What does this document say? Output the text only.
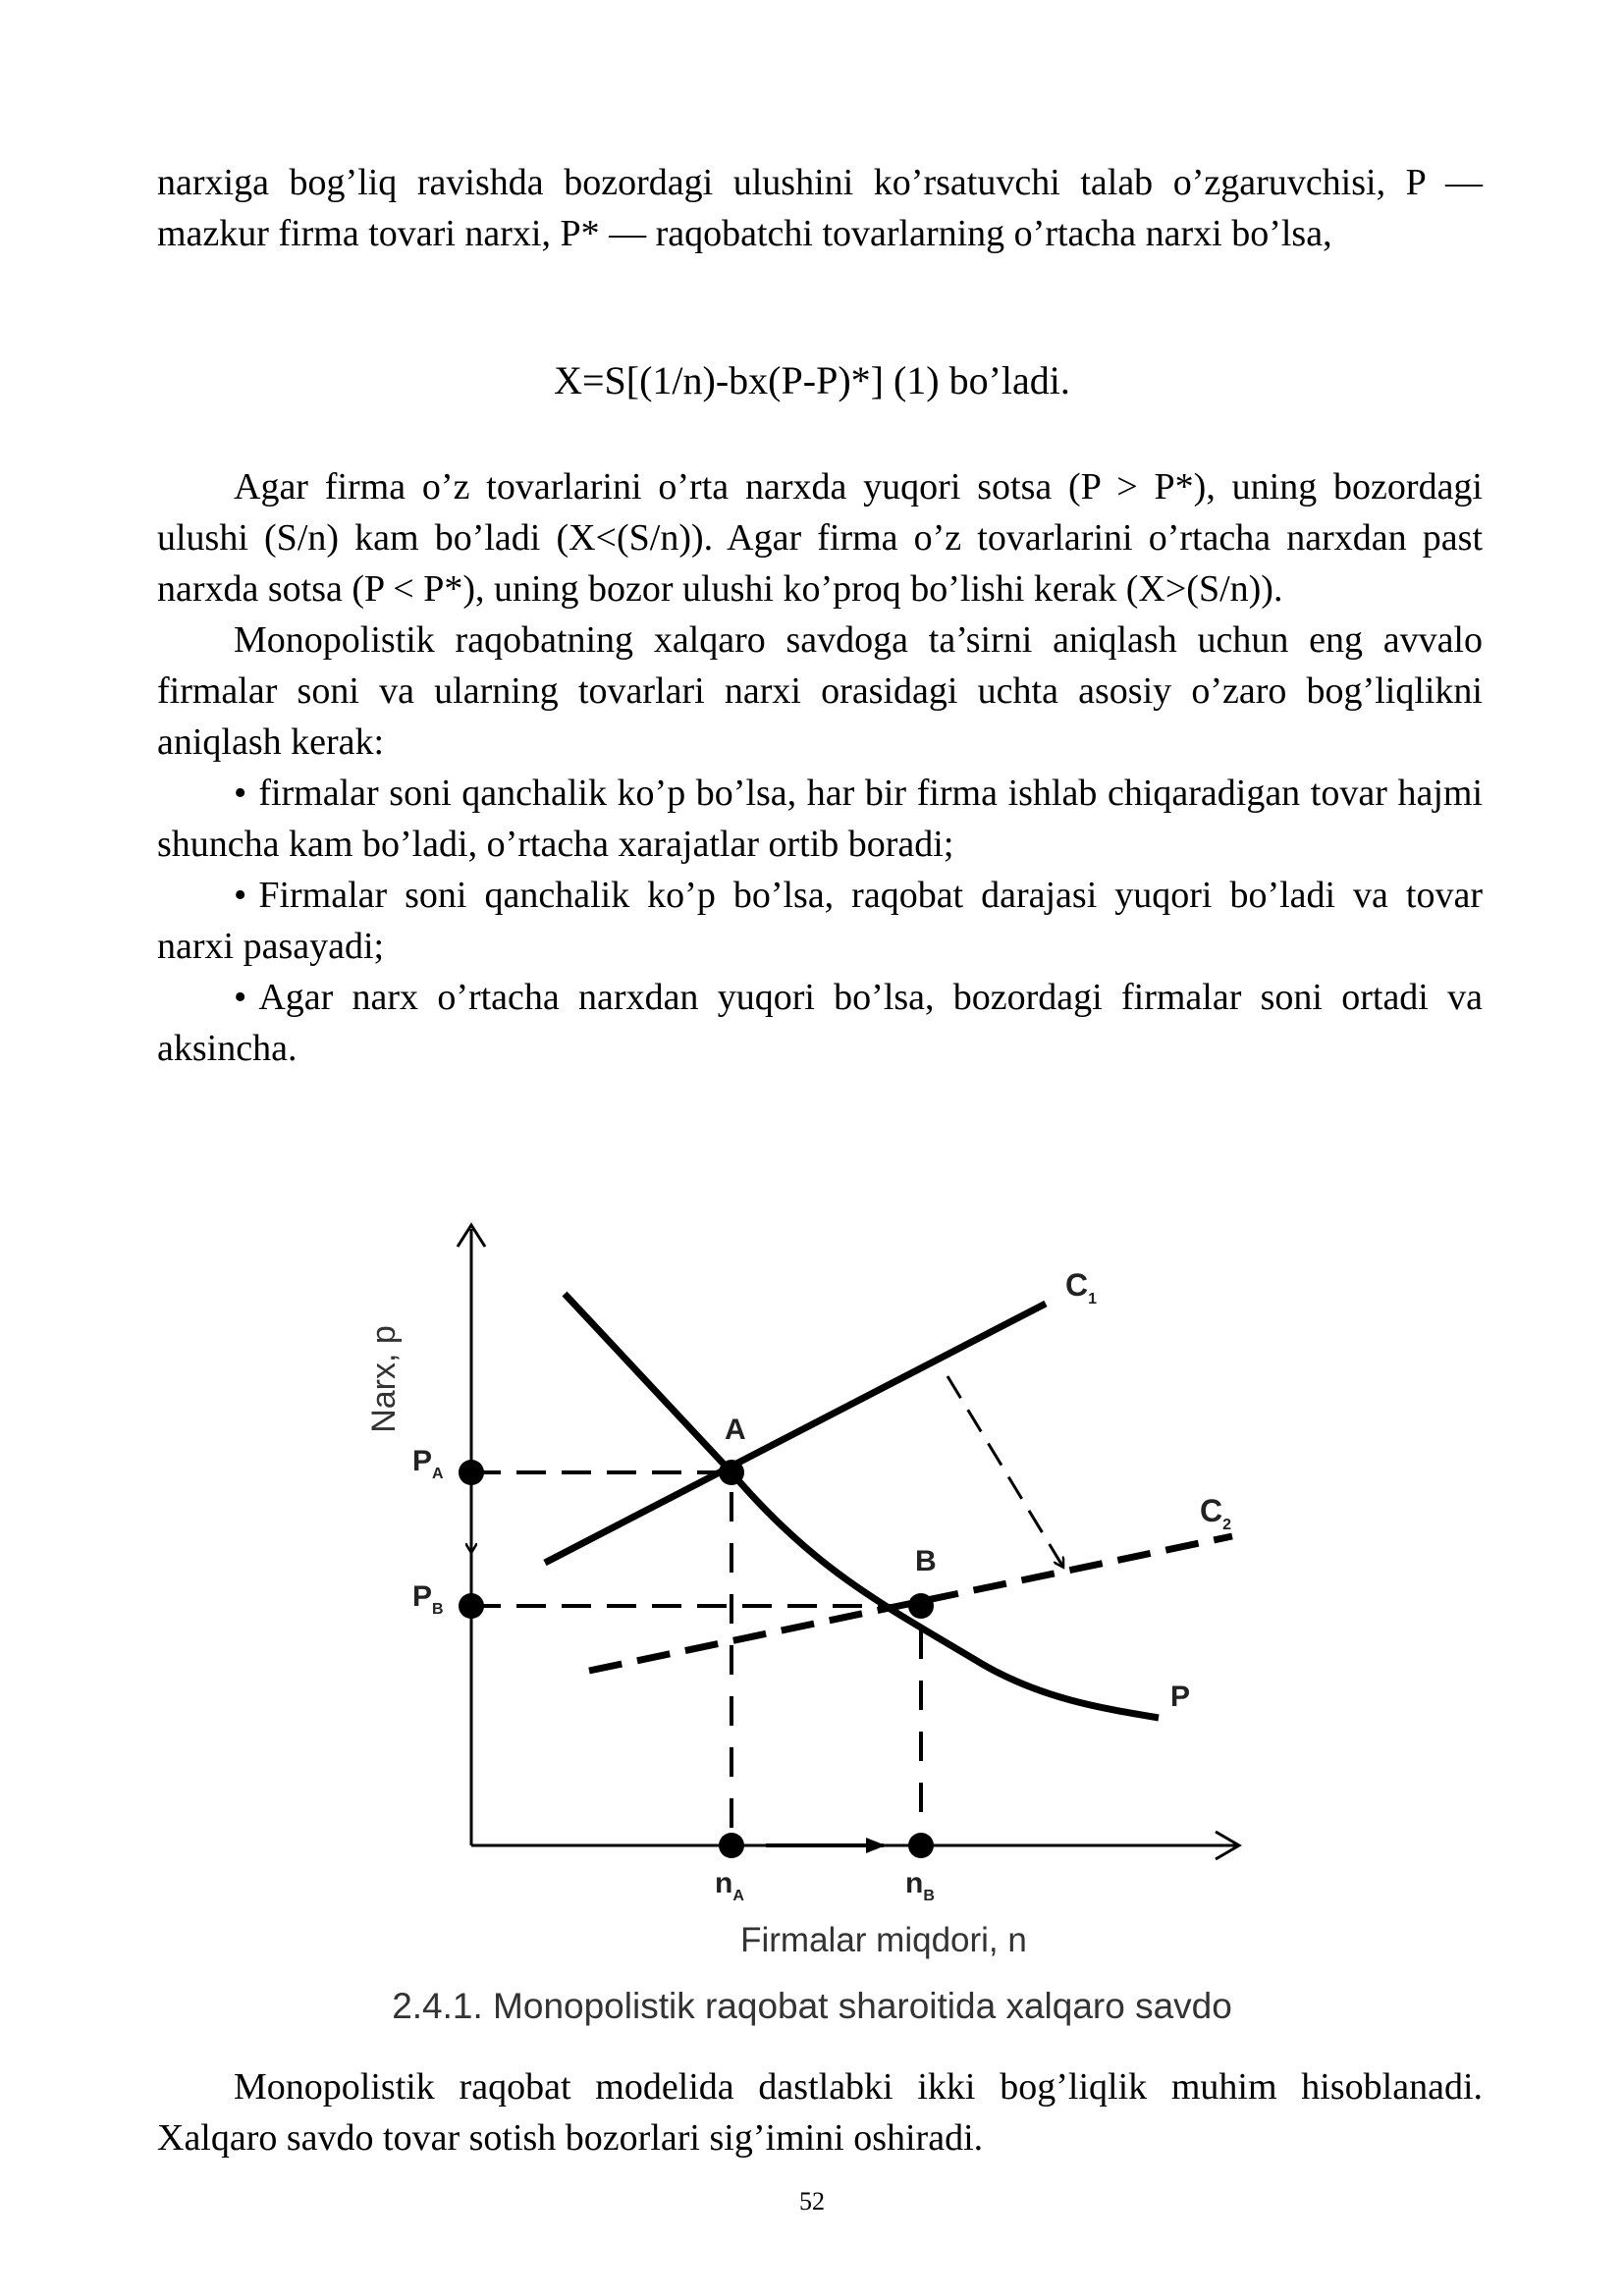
narxiga bog’liq ravishda bozordagi ulushini ko’rsatuvchi talab o’zgaruvchisi, P — mazkur firma tovari narxi, P* — raqobatchi tovarlarning o’rtacha narxi bo’lsa,

X=S[(1/n)-bx(P-P)*] (1) bo’ladi.

Agar firma o’z tovarlarini o’rta narxda yuqori sotsa (P > P*), uning bozordagi ulushi (S/n) kam bo’ladi (X<(S/n)). Agar firma o’z tovarlarini o’rtacha narxdan past narxda sotsa (P < P*), uning bozor ulushi ko’proq bo’lishi kerak (X>(S/n)).

Monopolistik raqobatning xalqaro savdoga ta’sirni aniqlash uchun eng avvalo firmalar soni va ularning tovarlari narxi orasidagi uchta asosiy o’zaro bog’liqlikni aniqlash kerak:

• firmalar soni qanchalik ko’p bo’lsa, har bir firma ishlab chiqaradigan tovar hajmi shuncha kam bo’ladi, o’rtacha xarajatlar ortib boradi;

• Firmalar soni qanchalik ko’p bo’lsa, raqobat darajasi yuqori bo’ladi va tovar narxi pasayadi;

• Agar narx o’rtacha narxdan yuqori bo’lsa, bozordagi firmalar soni ortadi va aksincha.

Narx, p
Firmalar miqdori, n
A
B
$P_A$
$P_B$
$n_A$	$n_B$
$C_1$
$C_2$
P
2.4.1. Monopolistik raqobat sharoitida xalqaro savdo

Monopolistik raqobat modelida dastlabki ikki bog’liqlik muhim hisoblanadi. Xalqaro savdo tovar sotish bozorlari sig’imini oshiradi.

52
